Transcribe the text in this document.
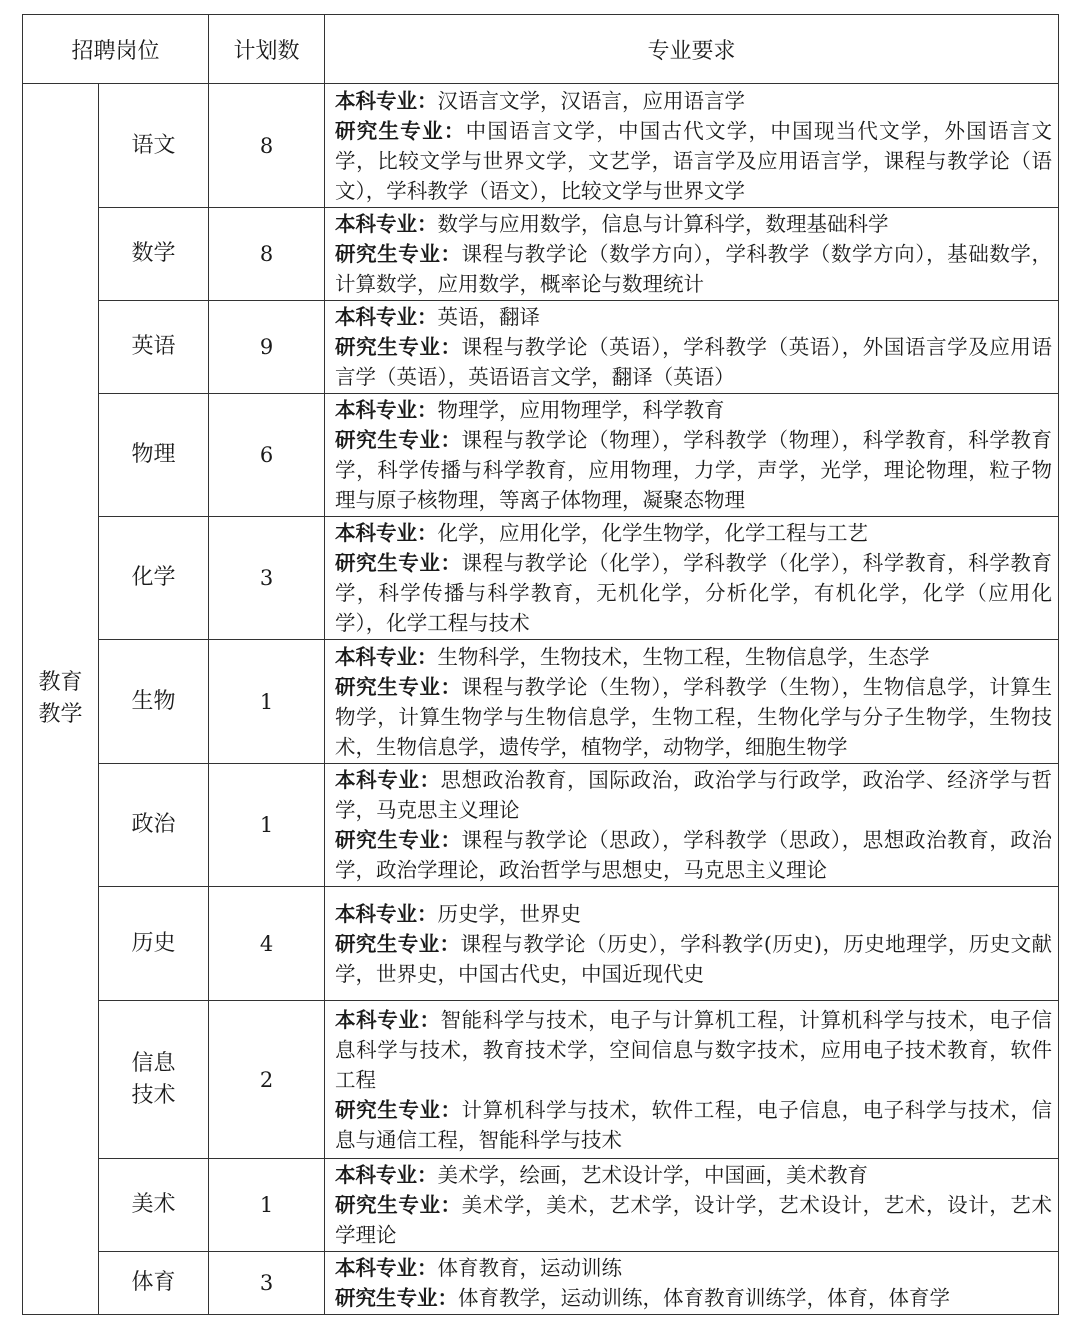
招聘岗位		计划数	专业要求
教育教学	语文	8	本科专业：汉语言文学，汉语言，应用语言学
研究生专业：中国语言文学，中国古代文学，中国现当代文学，外国语言文学，比较文学与世界文学，文艺学，语言学及应用语言学，课程与教学论（语文），学科教学（语文），比较文学与世界文学

	数学	8	本科专业：数学与应用数学，信息与计算科学，数理基础科学
研究生专业：课程与教学论（数学方向），学科教学（数学方向），基础数学，计算数学，应用数学，概率论与数理统计

	英语	9	本科专业：英语，翻译
研究生专业：课程与教学论（英语），学科教学（英语），外国语言学及应用语言学（英语），英语语言文学，翻译（英语）

	物理	6	本科专业：物理学，应用物理学，科学教育
研究生专业：课程与教学论（物理），学科教学（物理），科学教育，科学教育学，科学传播与科学教育，应用物理，力学，声学，光学，理论物理，粒子物理与原子核物理，等离子体物理，凝聚态物理

	化学	3	本科专业：化学，应用化学，化学生物学，化学工程与工艺
研究生专业：课程与教学论（化学），学科教学（化学），科学教育，科学教育学，科学传播与科学教育，无机化学，分析化学，有机化学，化学（应用化学），化学工程与技术

	生物	1	本科专业：生物科学，生物技术，生物工程，生物信息学，生态学
研究生专业：课程与教学论（生物），学科教学（生物），生物信息学，计算生物学，计算生物学与生物信息学，生物工程，生物化学与分子生物学，生物技术，生物信息学，遗传学，植物学，动物学，细胞生物学

	政治	1	本科专业：思想政治教育，国际政治，政治学与行政学，政治学、经济学与哲学，马克思主义理论
研究生专业：课程与教学论（思政），学科教学（思政），思想政治教育，政治学，政治学理论，政治哲学与思想史，马克思主义理论

	历史	4	本科专业：历史学，世界史
研究生专业：课程与教学论（历史），学科教学(历史)，历史地理学，历史文献学，世界史，中国古代史，中国近现代史

	信息技术	2	本科专业：智能科学与技术，电子与计算机工程，计算机科学与技术，电子信息科学与技术，教育技术学，空间信息与数字技术，应用电子技术教育，软件工程
研究生专业：计算机科学与技术，软件工程，电子信息，电子科学与技术，信息与通信工程，智能科学与技术

	美术	1	本科专业：美术学，绘画，艺术设计学，中国画，美术教育
研究生专业：美术学，美术，艺术学，设计学，艺术设计，艺术，设计，艺术学理论

	体育	3	本科专业：体育教育，运动训练
研究生专业：体育教学，运动训练，体育教育训练学，体育，体育学
